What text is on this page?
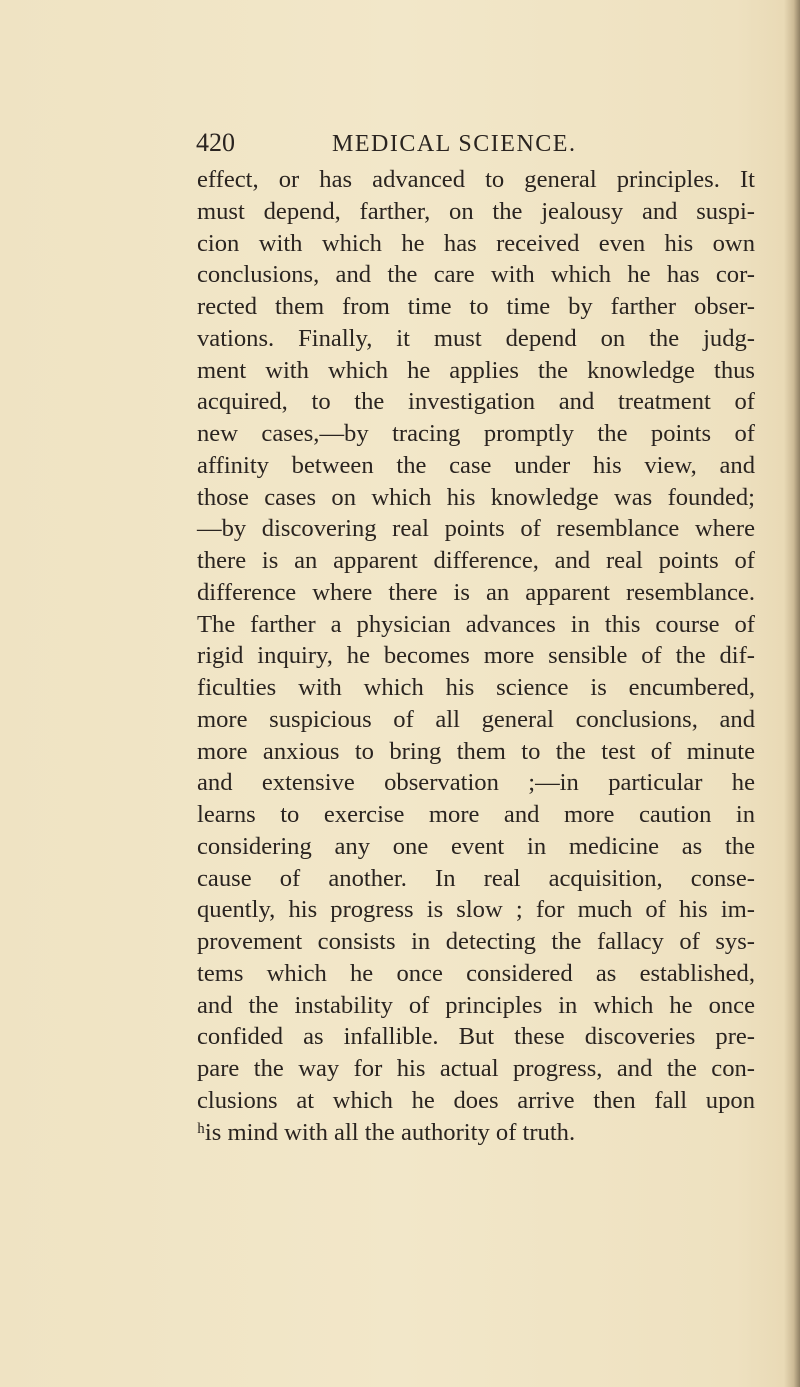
420	MEDICAL SCIENCE.
effect, or has advanced to general principles. It
must depend, farther, on the jealousy and suspi-
cion with which he has received even his own
conclusions, and the care with which he has cor-
rected them from time to time by farther obser-
vations. Finally, it must depend on the judg-
ment with which he applies the knowledge thus
acquired, to the investigation and treatment of
new cases,—by tracing promptly the points of
affinity between the case under his view, and
those cases on which his knowledge was founded;
—by discovering real points of resemblance where
there is an apparent difference, and real points of
difference where there is an apparent resemblance.
The farther a physician advances in this course of
rigid inquiry, he becomes more sensible of the dif-
ficulties with which his science is encumbered,
more suspicious of all general conclusions, and
more anxious to bring them to the test of minute
and extensive observation ;—in particular he
learns to exercise more and more caution in
considering any one event in medicine as the
cause of another. In real acquisition, conse-
quently, his progress is slow ; for much of his im-
provement consists in detecting the fallacy of sys-
tems which he once considered as established,
and the instability of principles in which he once
confided as infallible. But these discoveries pre-
pare the way for his actual progress, and the con-
clusions at which he does arrive then fall upon
ʰis mind with all the authority of truth.
